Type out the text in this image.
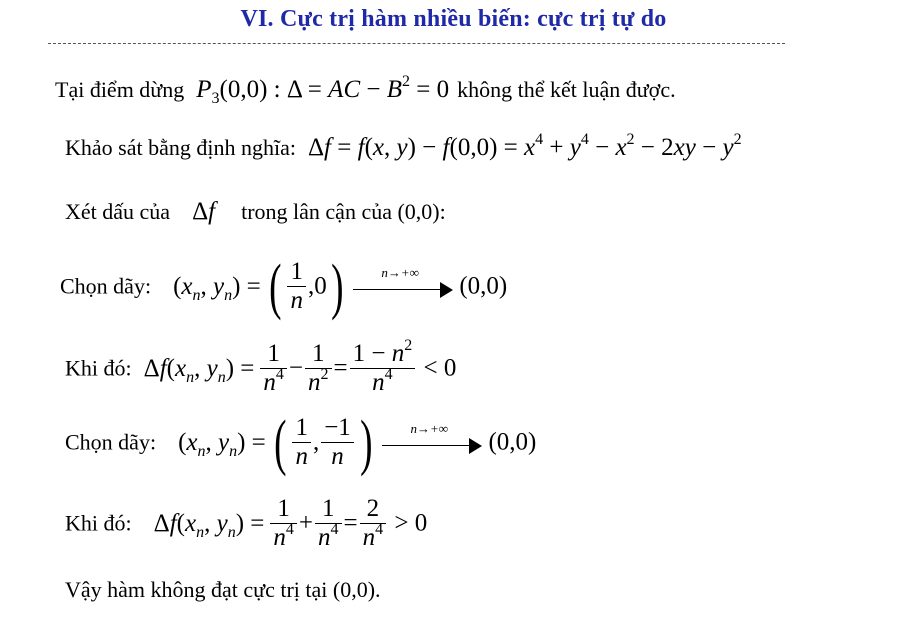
VI. Cực trị hàm nhiều biến: cực trị tự do
Tại điểm dừng $P_3(0,0)$ : Δ = AC − $B^2 = 0$ không thể kết luận được.
Khảo sát bằng định nghĩa: Δf = f(x, $y) - f(0,0) = x^4 + y^4 - x^2 - 2xy - y^2$
Xét dấu của Δf trong lân cận của (0,0):
Chọn dãy: ($x_n$, $y_n$) = ( $\frac{1}{n} ,0$)	n→+∞
(0,0)
Khi đó: $\Delta f(x_n$, $y_n) = \frac{1}{n^4} - \frac{1}{n^2} = \frac{1 - n^2}{n^4} < 0$
Chọn dãy: ($x_n$, $y_n$) = ( $\frac{1}{n}$ , $\frac{-1}{n}$ )	n→+∞
(0,0)
Khi đó: $\Delta f(x_n$, $y_n) = \frac{1}{n^4} + \frac{1}{n^4} = \frac{2}{n^4} > 0$
Vậy hàm không đạt cực trị tại (0,0).
